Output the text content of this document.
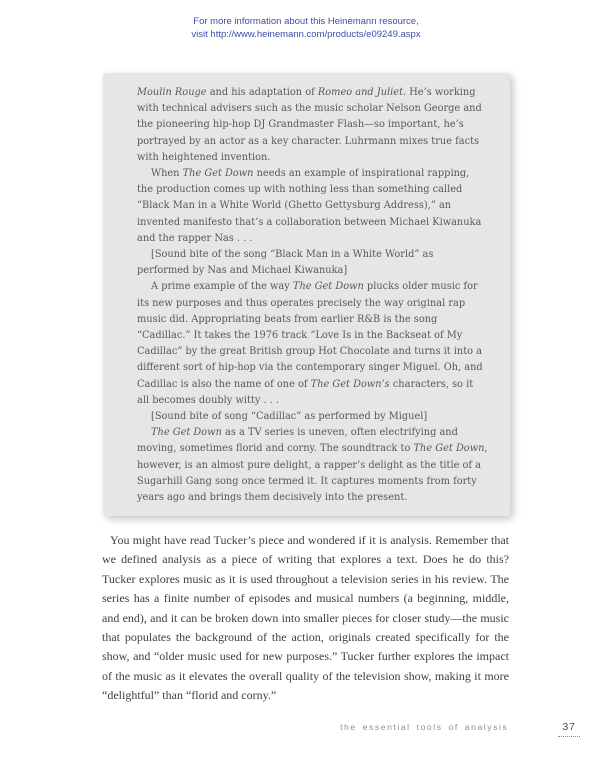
For more information about this Heinemann resource,
visit http://www.heinemann.com/products/e09249.aspx

Moulin Rouge and his adaptation of Romeo and Juliet. He’s working with technical advisers such as the music scholar Nelson George and the pioneering hip-hop DJ Grandmaster Flash—so important, he’s portrayed by an actor as a key character. Luhrmann mixes true facts with heightened invention.

When The Get Down needs an example of inspirational rapping, the production comes up with nothing less than something called “Black Man in a White World (Ghetto Gettysburg Address),” an invented manifesto that’s a collaboration between Michael Kiwanuka and the rapper Nas . . .

[Sound bite of the song “Black Man in a White World” as performed by Nas and Michael Kiwanuka]

A prime example of the way The Get Down plucks older music for its new purposes and thus operates precisely the way original rap music did. Appropriating beats from earlier R&B is the song “Cadillac.” It takes the 1976 track “Love Is in the Backseat of My Cadillac” by the great British group Hot Chocolate and turns it into a different sort of hip-hop via the contemporary singer Miguel. Oh, and Cadillac is also the name of one of The Get Down’s characters, so it all becomes doubly witty . . .

[Sound bite of song “Cadillac” as performed by Miguel]

The Get Down as a TV series is uneven, often electrifying and moving, sometimes florid and corny. The soundtrack to The Get Down, however, is an almost pure delight, a rapper’s delight as the title of a Sugarhill Gang song once termed it. It captures moments from forty years ago and brings them decisively into the present.

You might have read Tucker’s piece and wondered if it is analysis. Remember that we defined analysis as a piece of writing that explores a text. Does he do this? Tucker explores music as it is used throughout a television series in his review. The series has a finite number of episodes and musical numbers (a beginning, middle, and end), and it can be broken down into smaller pieces for closer study—the music that populates the background of the action, originals created specifically for the show, and “older music used for new purposes.” Tucker further explores the impact of the music as it elevates the overall quality of the television show, making it more “delightful” than “florid and corny.”

the essential tools of analysis	37
